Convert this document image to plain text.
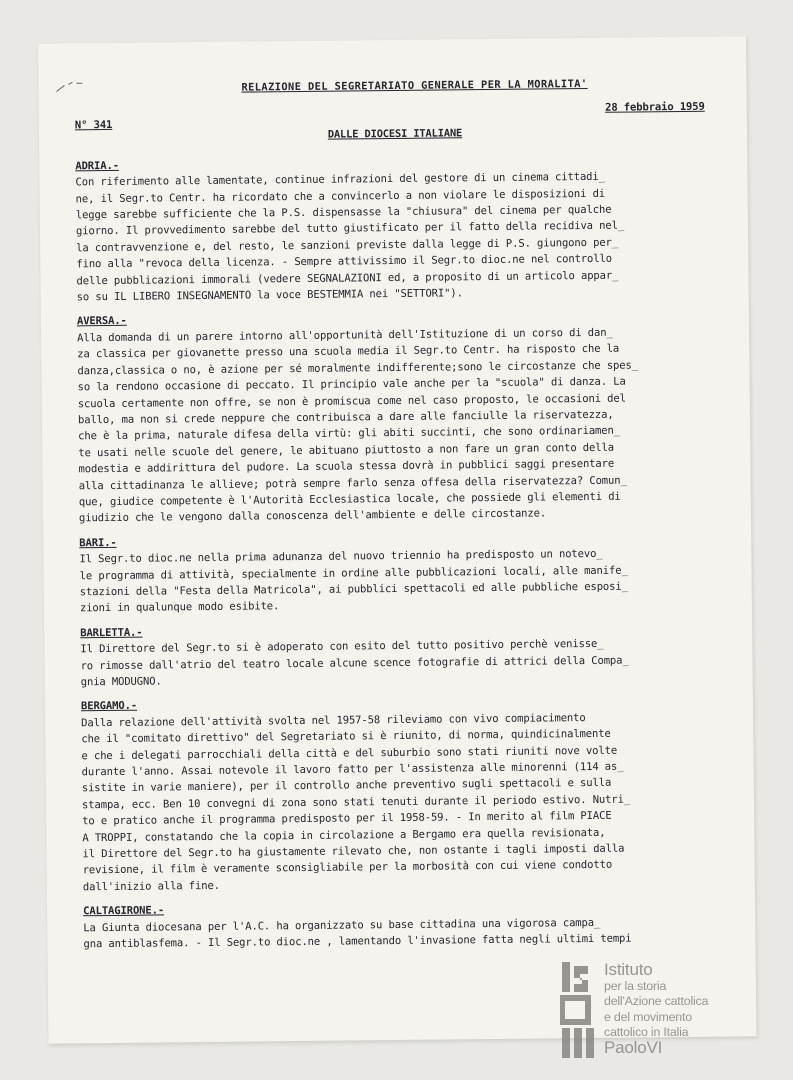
RELAZIONE DEL SEGRETARIATO GENERALE PER LA MORALITA'
N° 341
28 febbraio 1959
DALLE DIOCESI ITALIANE
ADRIA.-
Con riferimento alle lamentate, continue infrazioni del gestore di un cinema cittadi_
ne, il Segr.to Centr. ha ricordato che a convincerlo a non violare le disposizioni di
legge sarebbe sufficiente che la P.S. dispensasse la "chiusura" del cinema per qualche
giorno. Il provvedimento sarebbe del tutto giustificato per il fatto della recidiva nel_
la contravvenzione e, del resto, le sanzioni previste dalla legge di P.S. giungono per_
fino alla "revoca della licenza. - Sempre attivissimo il Segr.to dioc.ne nel controllo
delle pubblicazioni immorali (vedere SEGNALAZIONI ed, a proposito di un articolo appar_
so su IL LIBERO INSEGNAMENTO la voce BESTEMMIA nei "SETTORI").
AVERSA.-
Alla domanda di un parere intorno all'opportunità dell'Istituzione di un corso di dan_
za classica per giovanette presso una scuola media il Segr.to Centr. ha risposto che la
danza,classica o no, è azione per sé moralmente indifferente;sono le circostanze che spes_
so la rendono occasione di peccato. Il principio vale anche per la "scuola" di danza. La
scuola certamente non offre, se non è promiscua come nel caso proposto, le occasioni del
ballo, ma non si crede neppure che contribuisca a dare alle fanciulle la riservatezza,
che è la prima, naturale difesa della virtù: gli abiti succinti, che sono ordinariamen_
te usati nelle scuole del genere, le abituano piuttosto a non fare un gran conto della
modestia e addirittura del pudore. La scuola stessa dovrà in pubblici saggi presentare
alla cittadinanza le allieve; potrà sempre farlo senza offesa della riservatezza? Comun_
que, giudice competente è l'Autorità Ecclesiastica locale, che possiede gli elementi di
giudizio che le vengono dalla conoscenza dell'ambiente e delle circostanze.
BARI.-
Il Segr.to dioc.ne nella prima adunanza del nuovo triennio ha predisposto un notevo_
le programma di attività, specialmente in ordine alle pubblicazioni locali, alle manife_
stazioni della "Festa della Matricola", ai pubblici spettacoli ed alle pubbliche esposi_
zioni in qualunque modo esibite.
BARLETTA.-
Il Direttore del Segr.to si è adoperato con esito del tutto positivo perchè venisse_
ro rimosse dall'atrio del teatro locale alcune scence fotografie di attrici della Compa_
gnia MODUGNO.
BERGAMO.-
Dalla relazione dell'attività svolta nel 1957-58 rileviamo con vivo compiacimento
che il "comitato direttivo" del Segretariato si è riunito, di norma, quindicinalmente
e che i delegati parrocchiali della città e del suburbio sono stati riuniti nove volte
durante l'anno. Assai notevole il lavoro fatto per l'assistenza alle minorenni (114 as_
sistite in varie maniere), per il controllo anche preventivo sugli spettacoli e sulla
stampa, ecc. Ben 10 convegni di zona sono stati tenuti durante il periodo estivo. Nutri_
to e pratico anche il programma predisposto per il 1958-59. - In merito al film PIACE
A TROPPI, constatando che la copia in circolazione a Bergamo era quella revisionata,
il Direttore del Segr.to ha giustamente rilevato che, non ostante i tagli imposti dalla
revisione, il film è veramente sconsigliabile per la morbosità con cui viene condotto
dall'inizio alla fine.
CALTAGIRONE.-
La Giunta diocesana per l'A.C. ha organizzato su base cittadina una vigorosa campa_
gna antiblasfema. - Il Segr.to dioc.ne , lamentando l'invasione fatta negli ultimi tempi
Istituto
per la storia
dell'Azione cattolica
e del movimento
cattolico in Italia
PaoloVI
